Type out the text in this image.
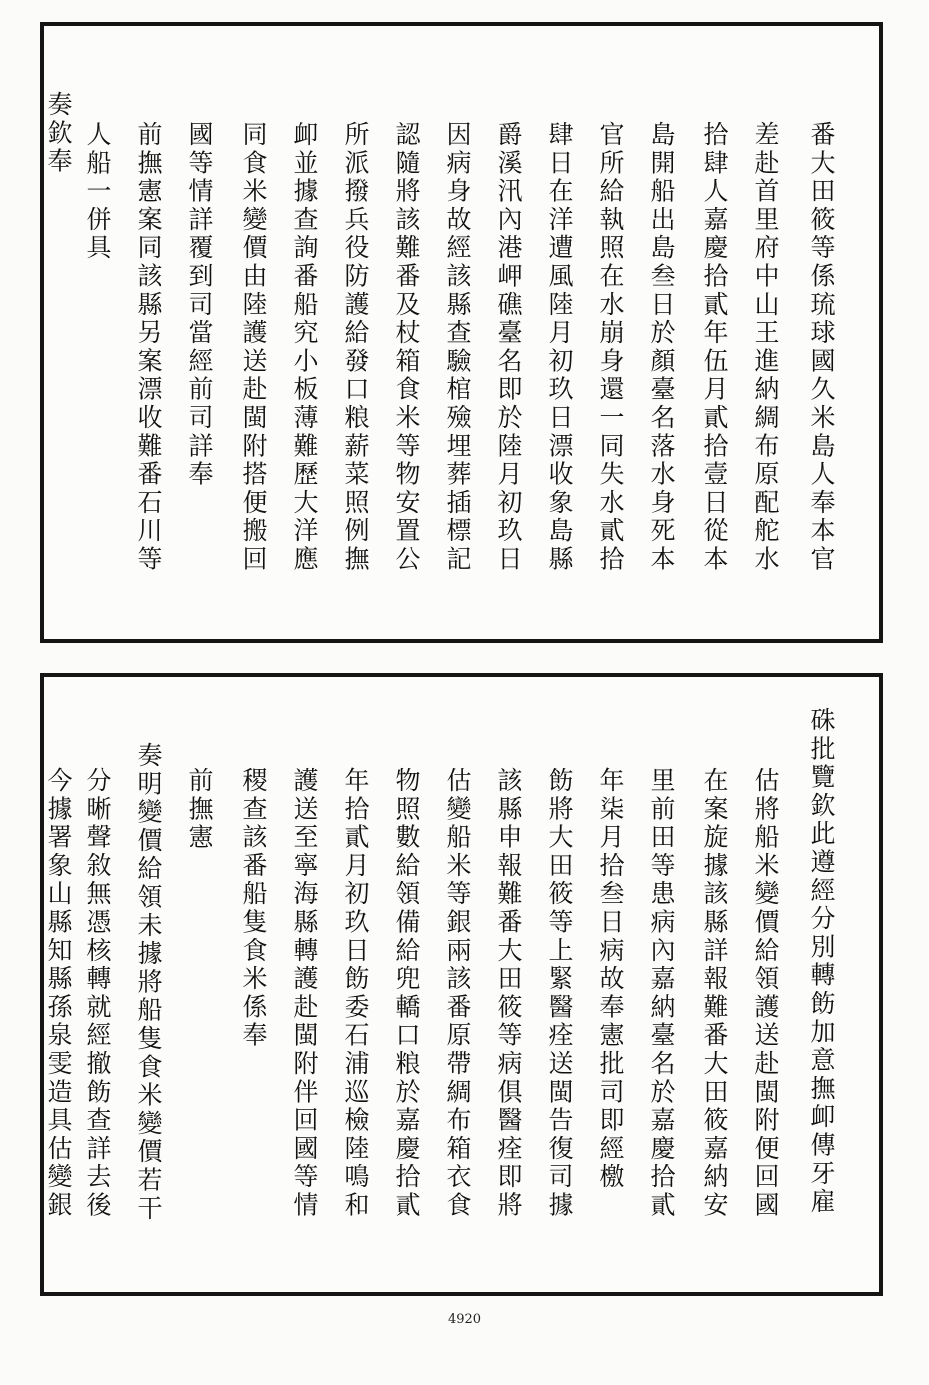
番大田筱等係琉球國久米島人奉本官
差赴首里府中山王進納綢布原配舵水
拾肆人嘉慶拾貳年伍月貳拾壹日從本
島開船出島叁日於顏臺名落水身死本
官所給執照在水崩身還一同失水貳拾
肆日在洋遭風陸月初玖日漂收象島縣
爵溪汛內港岬礁臺名即於陸月初玖日
因病身故經該縣查驗棺殮埋葬插標記
認隨將該難番及杖箱食米等物安置公
所派撥兵役防護給發口粮薪菜照例撫
卹並據查詢番船究小板薄難歷大洋應
同食米變價由陸護送赴閩附搭便搬回
國等情詳覆到司當經前司詳奉
前撫憲案同該縣另案漂收難番石川等
人船一併具
奏欽奉
硃批覽欽此遵經分別轉飭加意撫卹傳牙雇
估將船米變價給領護送赴閩附便回國
在案旋據該縣詳報難番大田筱嘉納安
里前田等患病內嘉納臺名於嘉慶拾貳
年柒月拾叁日病故奉憲批司即經檄
飭將大田筱等上緊醫痊送閩告復司據
該縣申報難番大田筱等病俱醫痊即將
估變船米等銀兩該番原帶綢布箱衣食
物照數給領備給兜轎口粮於嘉慶拾貳
年拾貳月初玖日飭委石浦巡檢陸鳴和
護送至寧海縣轉護赴閩附伴回國等情
稷查該番船隻食米係奉
前撫憲
奏明變價給領未據將船隻食米變價若干
分晰聲敘無憑核轉就經撤飭查詳去後
今據署象山縣知縣孫泉雯造具估變銀
4920
